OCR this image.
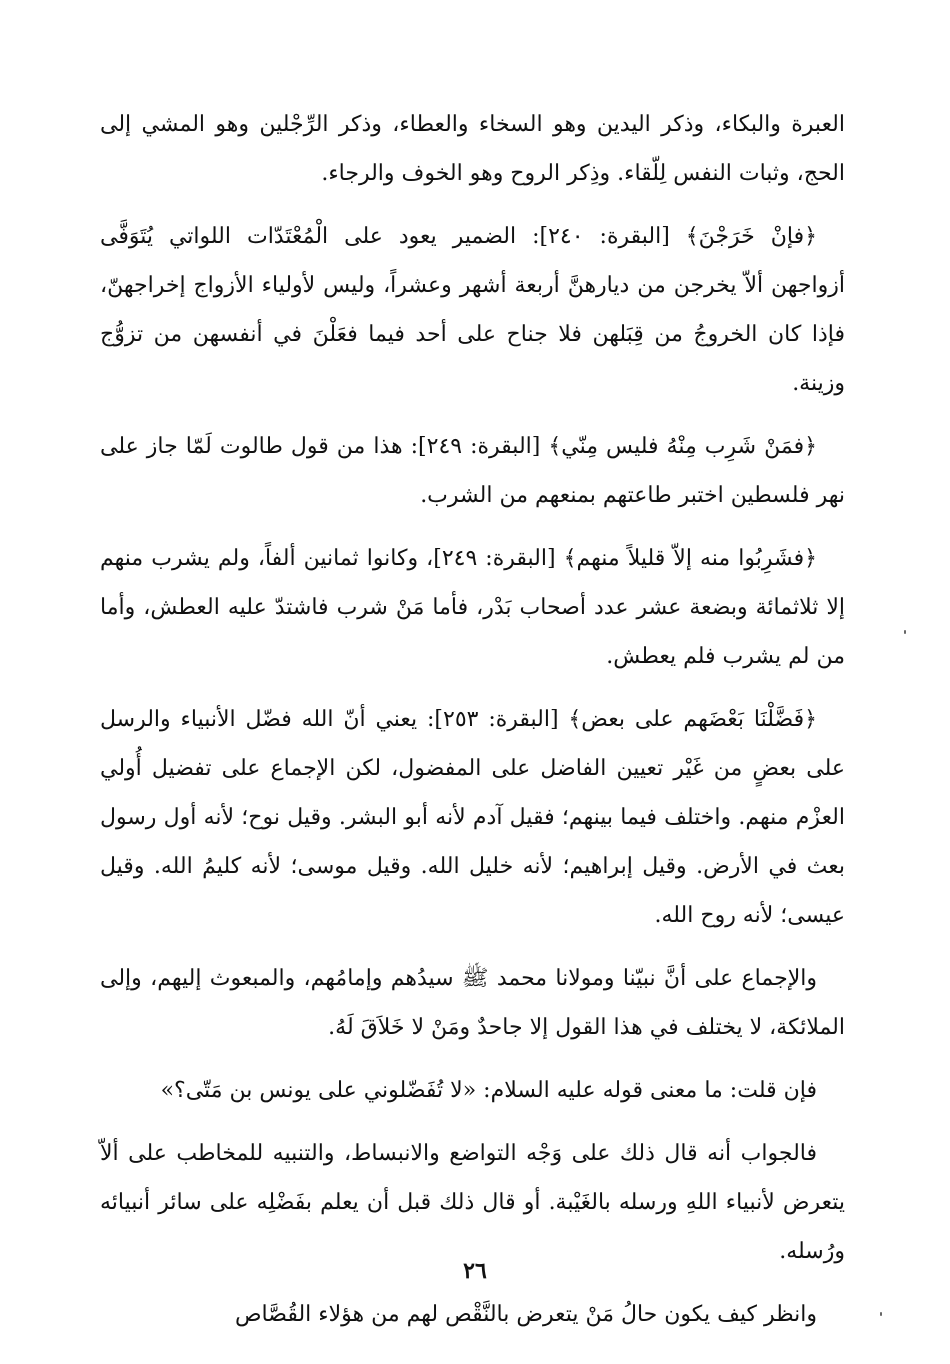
العبرة والبكاء، وذكر اليدين وهو السخاء والعطاء، وذكر الرِّجْلين وهو المشي إلى الحج، وثبات النفس لِلّقاء. وذِكر الروح وهو الخوف والرجاء.

﴿فإنْ خَرَجْنَ﴾ [البقرة: ٢٤٠]: الضمير يعود على الْمُعْتَدّات اللواتي يُتَوَفَّى أزواجهن ألاّ يخرجن من ديارهنَّ أربعة أشهر وعشراً، وليس لأولياء الأزواج إخراجهنّ، فإذا كان الخروجُ من قِبَلهن فلا جناح على أحد فيما فعَلْنَ في أنفسهن من تزوُّج وزينة.

﴿فمَنْ شَرِب مِنْهُ فليس مِنّي﴾ [البقرة: ٢٤٩]: هذا من قول طالوت لَمّا جاز على نهر فلسطين اختبر طاعتهم بمنعهم من الشرب.

﴿فشَرِبُوا منه إلاّ قليلاً منهم﴾ [البقرة: ٢٤٩]، وكانوا ثمانين ألفاً، ولم يشرب منهم إلا ثلاثمائة وبضعة عشر عدد أصحاب بَدْر، فأما مَنْ شرب فاشتدّ عليه العطش، وأما من لم يشرب فلم يعطش.

﴿فَضَّلْنَا بَعْضَهم على بعض﴾ [البقرة: ٢٥٣]: يعني أنّ الله فضّل الأنبياء والرسل على بعضٍ من غَيْر تعيين الفاضل على المفضول، لكن الإجماع على تفضيل أُولي العزْم منهم. واختلف فيما بينهم؛ فقيل آدم لأنه أبو البشر. وقيل نوح؛ لأنه أول رسول بعث في الأرض. وقيل إبراهيم؛ لأنه خليل الله. وقيل موسى؛ لأنه كليمُ الله. وقيل عيسى؛ لأنه روح الله.

والإجماع على أنَّ نبيّنا ومولانا محمد ﷺ سيدُهم وإمامُهم، والمبعوث إليهم، وإلى الملائكة، لا يختلف في هذا القول إلا جاحدٌ ومَنْ لا خَلاَقَ لَهُ.

فإن قلت: ما معنى قوله عليه السلام: «لا تُفَضّلوني على يونس بن مَتّى؟»

فالجواب أنه قال ذلك على وَجْه التواضع والانبساط، والتنبيه للمخاطب على ألاّ يتعرض لأنبياء اللهِ ورسله بالغَيْبة. أو قال ذلك قبل أن يعلم بفَضْلِه على سائر أنبيائه ورُسله.

وانظر كيف يكون حالُ مَنْ يتعرض بالنَّقْص لهم من هؤلاء القُصَّاص

٢٦
